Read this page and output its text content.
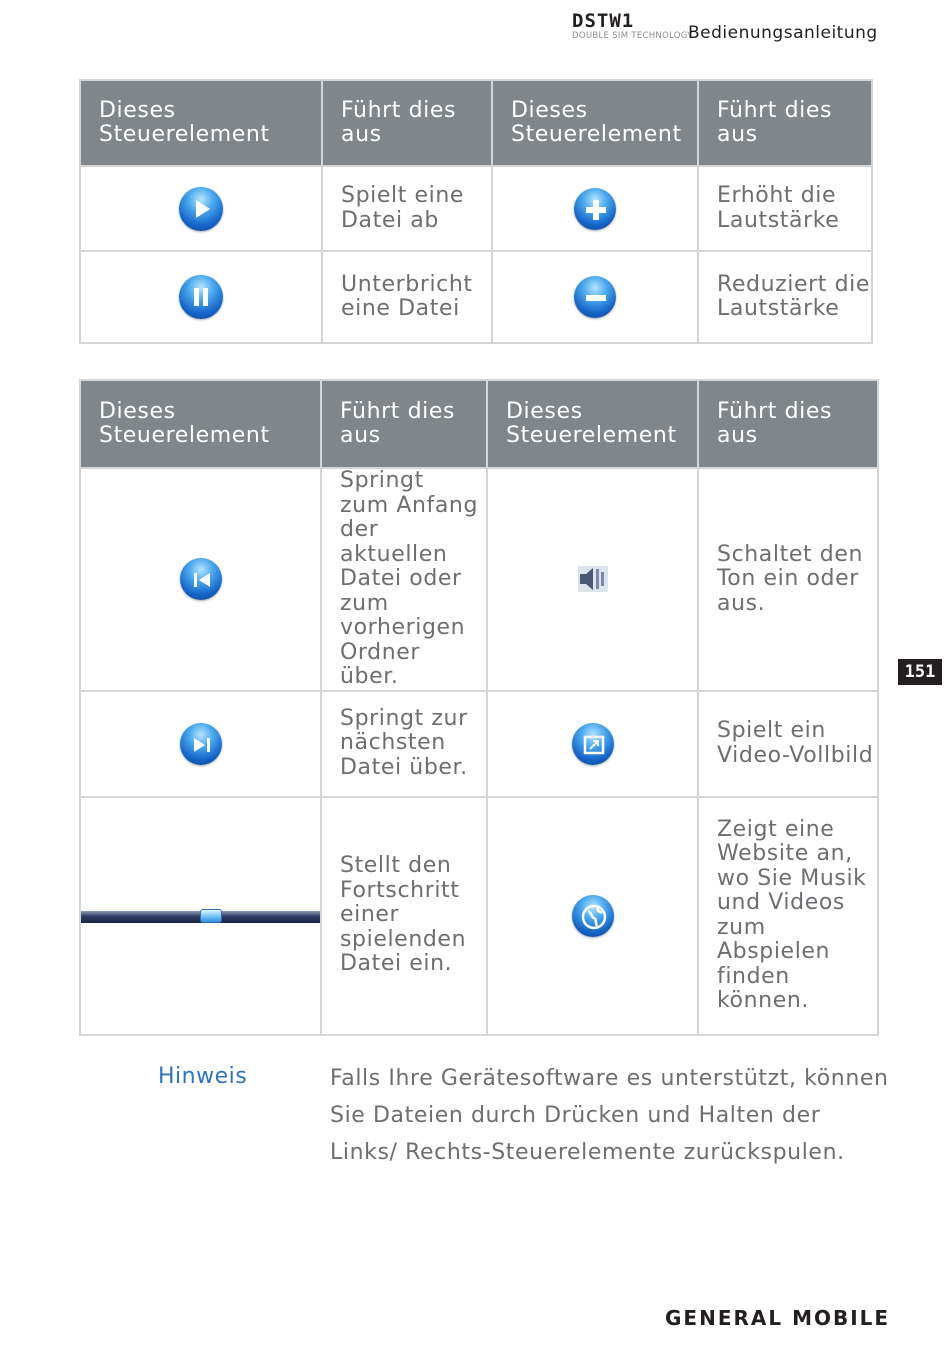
DSTW1
DOUBLE SIM TECHNOLOGY
Bedienungsanleitung
Dieses Steuerelement	Führt dies aus	Dieses Steuerelement	Führt dies aus

	Spielt eine Datei ab		Erhöht die Lautstärke

	Unterbricht eine Datei		Reduziert die Lautstärke
Dieses Steuerelement	Führt dies aus	Dieses Steuerelement	Führt dies aus

	Springt zum Anfang der aktuellen Datei oder zum vorherigen Ordner über.		Schaltet den Ton ein oder aus.

	Springt zur nächsten Datei über.		Spielt ein Video-Vollbild

	Stellt den Fortschritt einer spielenden Datei ein.		Zeigt eine Website an, wo Sie Musik und Videos zum Abspielen finden können.
Hinweis	Falls Ihre Gerätesoftware es unterstützt, können Sie Dateien durch Drücken und Halten der Links/ Rechts-Steuerelemente zurückspulen.
151
GENERAL MOBILE
